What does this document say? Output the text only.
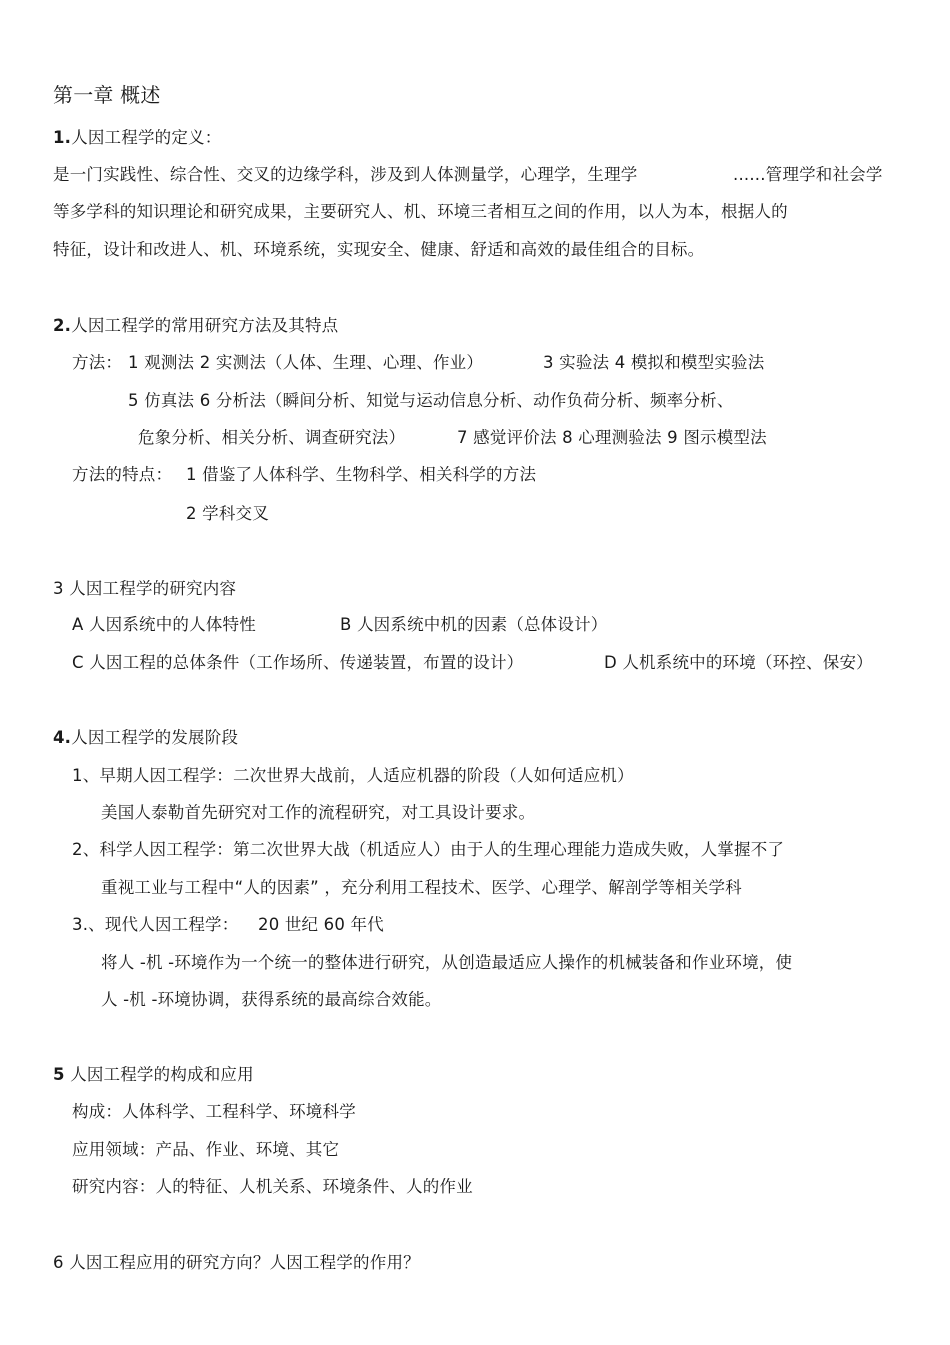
第一章 概述
1.人因工程学的定义：
是一门实践性、综合性、交叉的边缘学科，涉及到人体测量学，心理学，生理学	......管理学和社会学
等多学科的知识理论和研究成果，主要研究人、机、环境三者相互之间的作用，以人为本，根据人的
特征，设计和改进人、机、环境系统，实现安全、健康、舒适和高效的最佳组合的目标。
2.人因工程学的常用研究方法及其特点
方法： 1 观测法 2 实测法（人体、生理、心理、作业）	3 实验法 4 模拟和模型实验法
5 仿真法 6 分析法（瞬间分析、知觉与运动信息分析、动作负荷分析、频率分析、
危象分析、相关分析、调查研究法）	7 感觉评价法 8 心理测验法 9 图示模型法
方法的特点： 1 借鉴了人体科学、生物科学、相关科学的方法
2 学科交叉
3 人因工程学的研究内容
A 人因系统中的人体特性	B 人因系统中机的因素（总体设计）
C 人因工程的总体条件（工作场所、传递装置，布置的设计）	D 人机系统中的环境（环控、保安）
4.人因工程学的发展阶段
1、早期人因工程学：二次世界大战前，人适应机器的阶段（人如何适应机）
美国人泰勒首先研究对工作的流程研究，对工具设计要求。
2、科学人因工程学：第二次世界大战（机适应人）由于人的生理心理能力造成失败，人掌握不了
重视工业与工程中“人的因素” ，充分利用工程技术、医学、心理学、解剖学等相关学科
3.、现代人因工程学： 20 世纪 60 年代
将人 -机 -环境作为一个统一的整体进行研究，从创造最适应人操作的机械装备和作业环境，使
人 -机 -环境协调，获得系统的最高综合效能。
5 人因工程学的构成和应用
构成：人体科学、工程科学、环境科学
应用领域：产品、作业、环境、其它
研究内容：人的特征、人机关系、环境条件、人的作业
6 人因工程应用的研究方向？人因工程学的作用？
